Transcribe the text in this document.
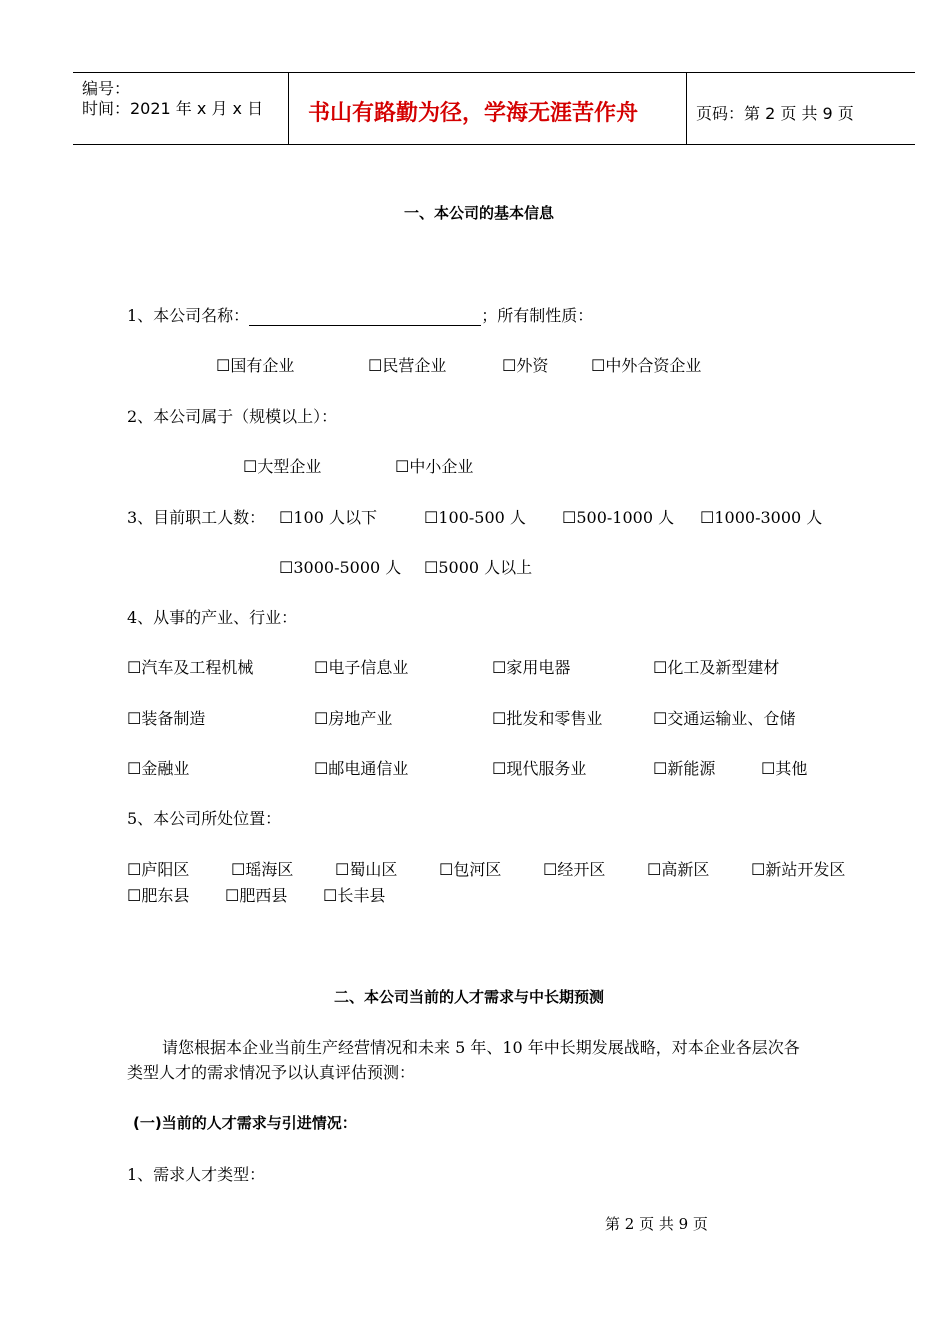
编号：
时间：2021 年 x 月 x 日 书山有路勤为径，学海无涯苦作舟	页码：第 2 页 共 9 页
一、本公司的基本信息
1、本公司名称：	；所有制性质：
☐国有企业	☐民营企业	☐外资	☐中外合资企业
2、本公司属于（规模以上）：
☐大型企业	☐中小企业
3、目前职工人数： ☐100 人以下	☐100-500 人 ☐500-1000 人 ☐1000-3000 人
☐3000-5000 人 ☐5000 人以上
4、从事的产业、行业：
☐汽车及工程机械	☐电子信息业	☐家用电器	☐化工及新型建材
☐装备制造	☐房地产业	☐批发和零售业	☐交通运输业、仓储
☐金融业	☐邮电通信业	☐现代服务业	☐新能源	☐其他
5、本公司所处位置：
☐庐阳区	☐瑶海区	☐蜀山区	☐包河区	☐经开区	☐高新区	☐新站开发区
☐肥东县 ☐肥西县 ☐长丰县
二、本公司当前的人才需求与中长期预测
请您根据本企业当前生产经营情况和未来 5 年、10 年中长期发展战略，对本企业各层次各
类型人才的需求情况予以认真评估预测：
(一)当前的人才需求与引进情况：
1、需求人才类型：
第 2 页 共 9 页
